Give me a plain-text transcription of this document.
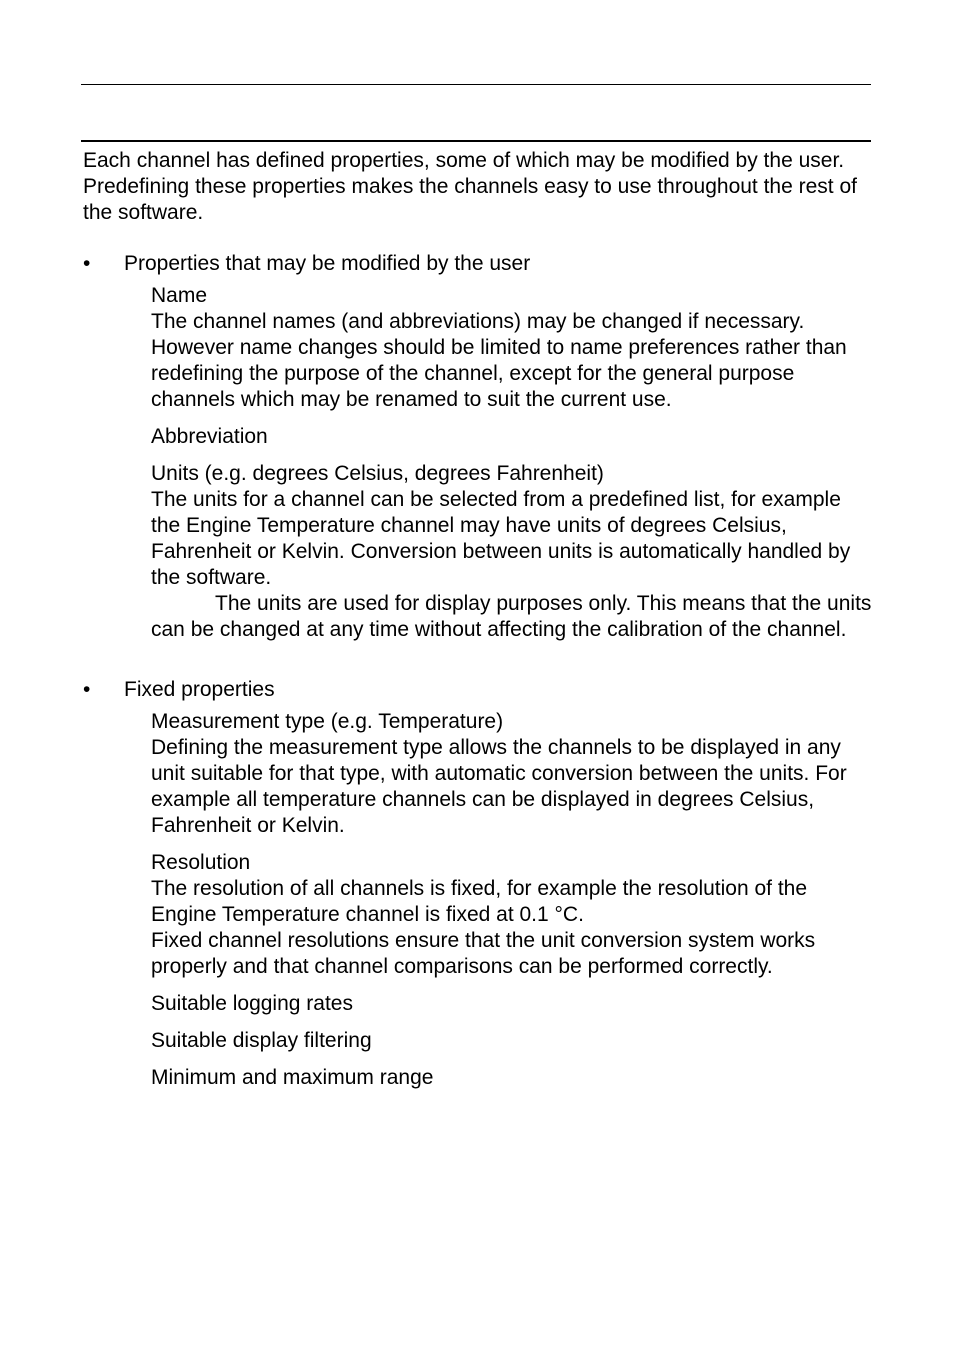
Each channel has defined properties, some of which may be modified by the user. Predefining these properties makes the channels easy to use throughout the rest of the software.

• Properties that may be modified by the user

Name

The channel names (and abbreviations) may be changed if necessary. However name changes should be limited to name preferences rather than redefining the purpose of the channel, except for the general purpose channels which may be renamed to suit the current use.

Abbreviation

Units (e.g. degrees Celsius, degrees Fahrenheit)

The units for a channel can be selected from a predefined list, for example the Engine Temperature channel may have units of degrees Celsius, Fahrenheit or Kelvin. Conversion between units is automatically handled by the software.

The units are used for display purposes only. This means that the units can be changed at any time without affecting the calibration of the channel.

• Fixed properties

Measurement type (e.g. Temperature)

Defining the measurement type allows the channels to be displayed in any unit suitable for that type, with automatic conversion between the units. For example all temperature channels can be displayed in degrees Celsius, Fahrenheit or Kelvin.

Resolution

The resolution of all channels is fixed, for example the resolution of the Engine Temperature channel is fixed at 0.1 °C.

Fixed channel resolutions ensure that the unit conversion system works properly and that channel comparisons can be performed correctly.

Suitable logging rates

Suitable display filtering

Minimum and maximum range
